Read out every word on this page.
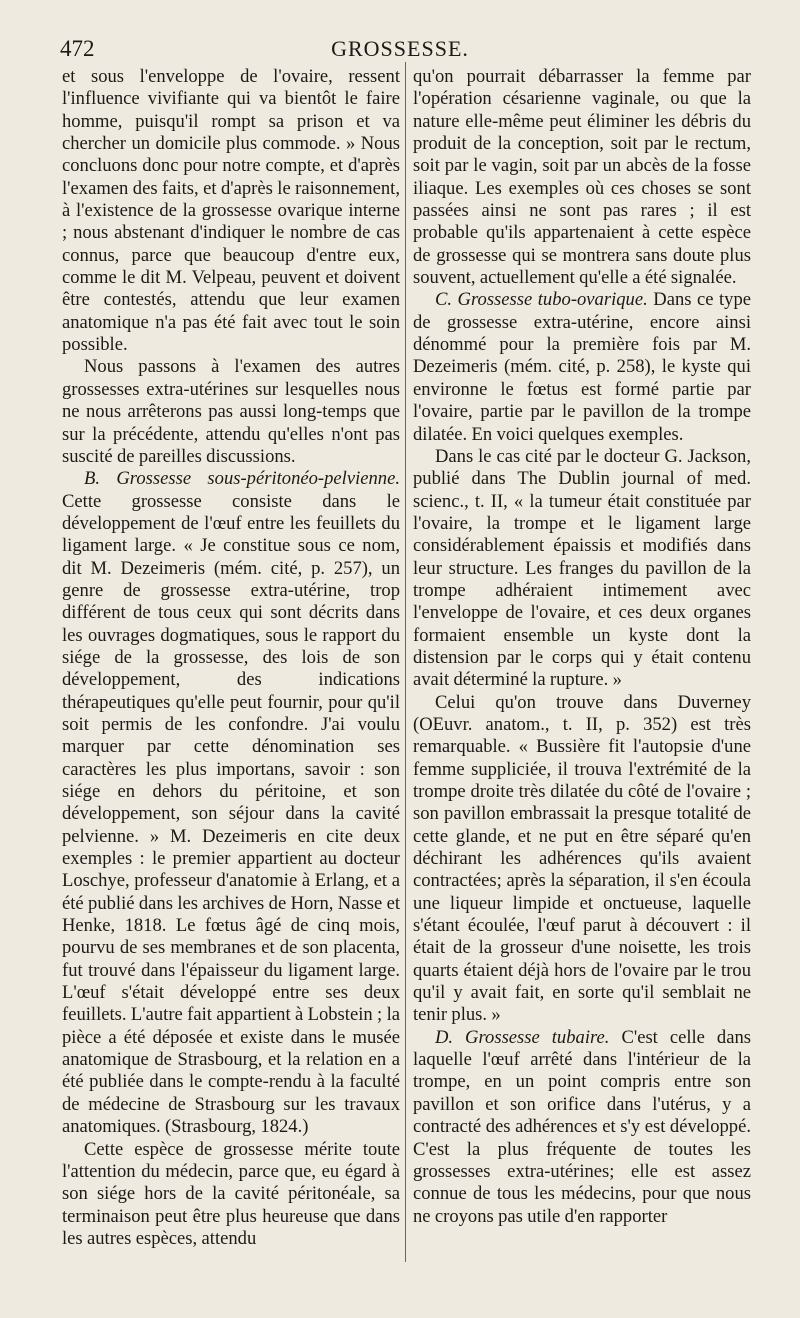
472	GROSSESSE.

et sous l'enveloppe de l'ovaire, ressent l'influence vivifiante qui va bientôt le faire homme, puisqu'il rompt sa prison et va chercher un domicile plus commode. » Nous concluons donc pour notre compte, et d'après l'examen des faits, et d'après le raisonnement, à l'existence de la grossesse ovarique interne ; nous abstenant d'indiquer le nombre de cas connus, parce que beaucoup d'entre eux, comme le dit M. Velpeau, peuvent et doivent être contestés, attendu que leur examen anatomique n'a pas été fait avec tout le soin possible.

Nous passons à l'examen des autres grossesses extra-utérines sur lesquelles nous ne nous arrêterons pas aussi long-temps que sur la précédente, attendu qu'elles n'ont pas suscité de pareilles discussions.

B. Grossesse sous-péritonéo-pelvienne. Cette grossesse consiste dans le développement de l'œuf entre les feuillets du ligament large. « Je constitue sous ce nom, dit M. Dezeimeris (mém. cité, p. 257), un genre de grossesse extra-utérine, trop différent de tous ceux qui sont décrits dans les ouvrages dogmatiques, sous le rapport du siége de la grossesse, des lois de son développement, des indications thérapeutiques qu'elle peut fournir, pour qu'il soit permis de les confondre. J'ai voulu marquer par cette dénomination ses caractères les plus importans, savoir : son siége en dehors du péritoine, et son développement, son séjour dans la cavité pelvienne. » M. Dezeimeris en cite deux exemples : le premier appartient au docteur Loschye, professeur d'anatomie à Erlang, et a été publié dans les archives de Horn, Nasse et Henke, 1818. Le fœtus âgé de cinq mois, pourvu de ses membranes et de son placenta, fut trouvé dans l'épaisseur du ligament large. L'œuf s'était développé entre ses deux feuillets. L'autre fait appartient à Lobstein ; la pièce a été déposée et existe dans le musée anatomique de Strasbourg, et la relation en a été publiée dans le compte-rendu à la faculté de médecine de Strasbourg sur les travaux anatomiques. (Strasbourg, 1824.)

Cette espèce de grossesse mérite toute l'attention du médecin, parce que, eu égard à son siége hors de la cavité péritonéale, sa terminaison peut être plus heureuse que dans les autres espèces, attendu

qu'on pourrait débarrasser la femme par l'opération césarienne vaginale, ou que la nature elle-même peut éliminer les débris du produit de la conception, soit par le rectum, soit par le vagin, soit par un abcès de la fosse iliaque. Les exemples où ces choses se sont passées ainsi ne sont pas rares ; il est probable qu'ils appartenaient à cette espèce de grossesse qui se montrera sans doute plus souvent, actuellement qu'elle a été signalée.

C. Grossesse tubo-ovarique. Dans ce type de grossesse extra-utérine, encore ainsi dénommé pour la première fois par M. Dezeimeris (mém. cité, p. 258), le kyste qui environne le fœtus est formé partie par l'ovaire, partie par le pavillon de la trompe dilatée. En voici quelques exemples.

Dans le cas cité par le docteur G. Jackson, publié dans The Dublin journal of med. scienc., t. II, « la tumeur était constituée par l'ovaire, la trompe et le ligament large considérablement épaissis et modifiés dans leur structure. Les franges du pavillon de la trompe adhéraient intimement avec l'enveloppe de l'ovaire, et ces deux organes formaient ensemble un kyste dont la distension par le corps qui y était contenu avait déterminé la rupture. »

Celui qu'on trouve dans Duverney (OEuvr. anatom., t. II, p. 352) est très remarquable. « Bussière fit l'autopsie d'une femme suppliciée, il trouva l'extrémité de la trompe droite très dilatée du côté de l'ovaire ; son pavillon embrassait la presque totalité de cette glande, et ne put en être séparé qu'en déchirant les adhérences qu'ils avaient contractées; après la séparation, il s'en écoula une liqueur limpide et onctueuse, laquelle s'étant écoulée, l'œuf parut à découvert : il était de la grosseur d'une noisette, les trois quarts étaient déjà hors de l'ovaire par le trou qu'il y avait fait, en sorte qu'il semblait ne tenir plus. »

D. Grossesse tubaire. C'est celle dans laquelle l'œuf arrêté dans l'intérieur de la trompe, en un point compris entre son pavillon et son orifice dans l'utérus, y a contracté des adhérences et s'y est développé. C'est la plus fréquente de toutes les grossesses extra-utérines; elle est assez connue de tous les médecins, pour que nous ne croyons pas utile d'en rapporter
